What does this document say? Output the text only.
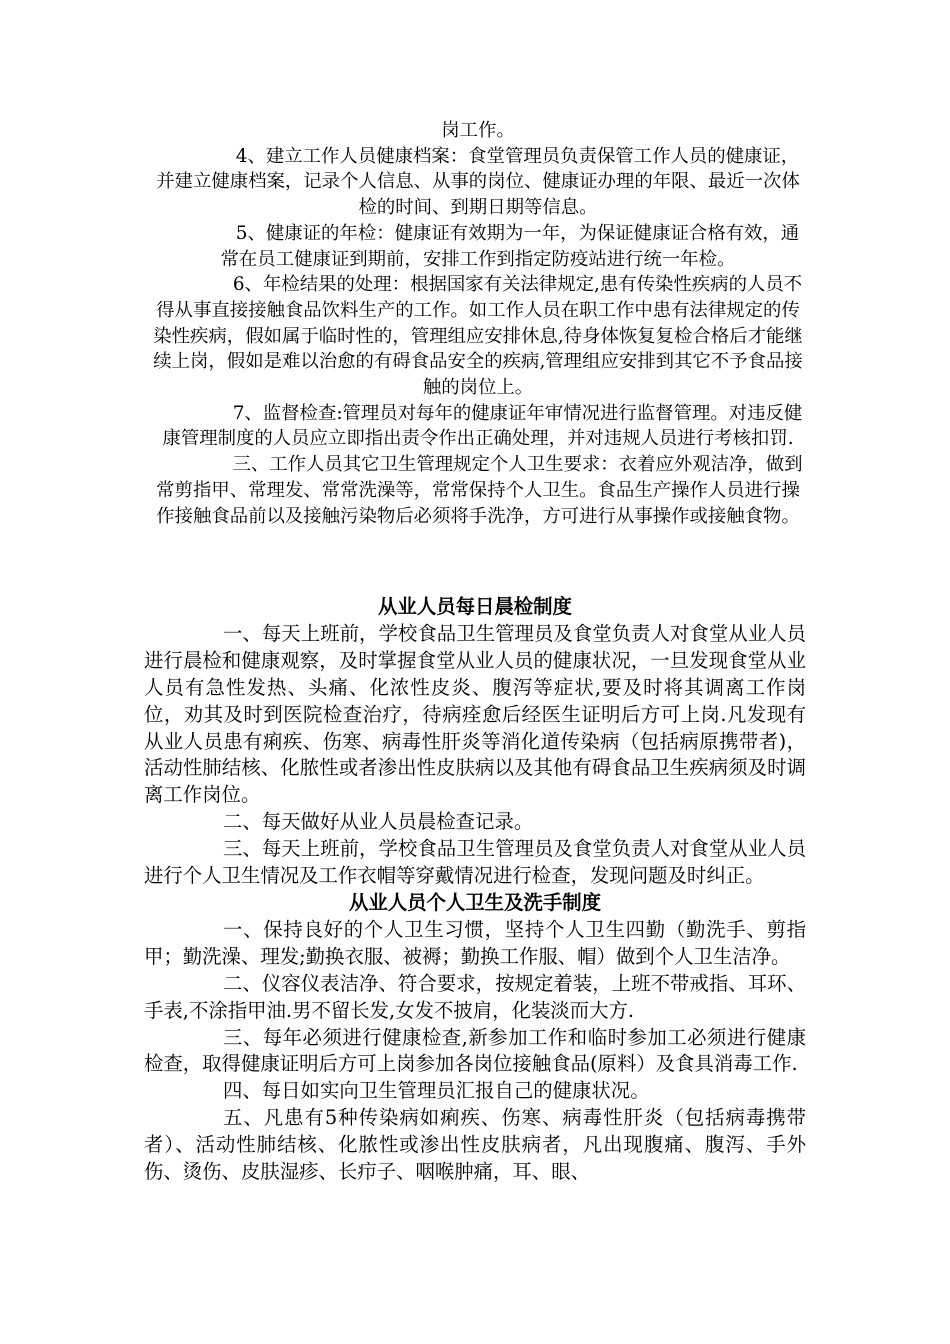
岗工作。

4、建立工作人员健康档案：食堂管理员负责保管工作人员的健康证，并建立健康档案，记录个人信息、从事的岗位、健康证办理的年限、最近一次体检的时间、到期日期等信息。

5、健康证的年检：健康证有效期为一年，为保证健康证合格有效，通常在员工健康证到期前，安排工作到指定防疫站进行统一年检。

6、年检结果的处理：根据国家有关法律规定,患有传染性疾病的人员不得从事直接接触食品饮料生产的工作。如工作人员在职工作中患有法律规定的传染性疾病，假如属于临时性的，管理组应安排休息,待身体恢复复检合格后才能继续上岗，假如是难以治愈的有碍食品安全的疾病,管理组应安排到其它不予食品接触的岗位上。

7、监督检查:管理员对每年的健康证年审情况进行监督管理。对违反健康管理制度的人员应立即指出责令作出正确处理，并对违规人员进行考核扣罚.

三、工作人员其它卫生管理规定个人卫生要求：衣着应外观洁净，做到常剪指甲、常理发、常常洗澡等，常常保持个人卫生。食品生产操作人员进行操作接触食品前以及接触污染物后必须将手洗净，方可进行从事操作或接触食物。

从业人员每日晨检制度

一、每天上班前，学校食品卫生管理员及食堂负责人对食堂从业人员进行晨检和健康观察，及时掌握食堂从业人员的健康状况，一旦发现食堂从业人员有急性发热、头痛、化浓性皮炎、腹泻等症状,要及时将其调离工作岗位，劝其及时到医院检查治疗，待病痊愈后经医生证明后方可上岗.凡发现有从业人员患有痢疾、伤寒、病毒性肝炎等消化道传染病（包括病原携带者)，活动性肺结核、化脓性或者渗出性皮肤病以及其他有碍食品卫生疾病须及时调离工作岗位。

二、每天做好从业人员晨检查记录。

三、每天上班前，学校食品卫生管理员及食堂负责人对食堂从业人员进行个人卫生情况及工作衣帽等穿戴情况进行检查，发现问题及时纠正。

从业人员个人卫生及洗手制度

一、保持良好的个人卫生习惯，坚持个人卫生四勤（勤洗手、剪指甲；勤洗澡、理发;勤换衣服、被褥；勤换工作服、帽）做到个人卫生洁净。

二、仪容仪表洁净、符合要求，按规定着装，上班不带戒指、耳环、手表,不涂指甲油.男不留长发,女发不披肩，化装淡而大方.

三、每年必须进行健康检查,新参加工作和临时参加工必须进行健康检查，取得健康证明后方可上岗参加各岗位接触食品(原料）及食具消毒工作.

四、每日如实向卫生管理员汇报自己的健康状况。

五、凡患有5种传染病如痢疾、伤寒、病毒性肝炎（包括病毒携带者）、活动性肺结核、化脓性或渗出性皮肤病者，凡出现腹痛、腹泻、手外伤、烫伤、皮肤湿疹、长疖子、咽喉肿痛，耳、眼、
